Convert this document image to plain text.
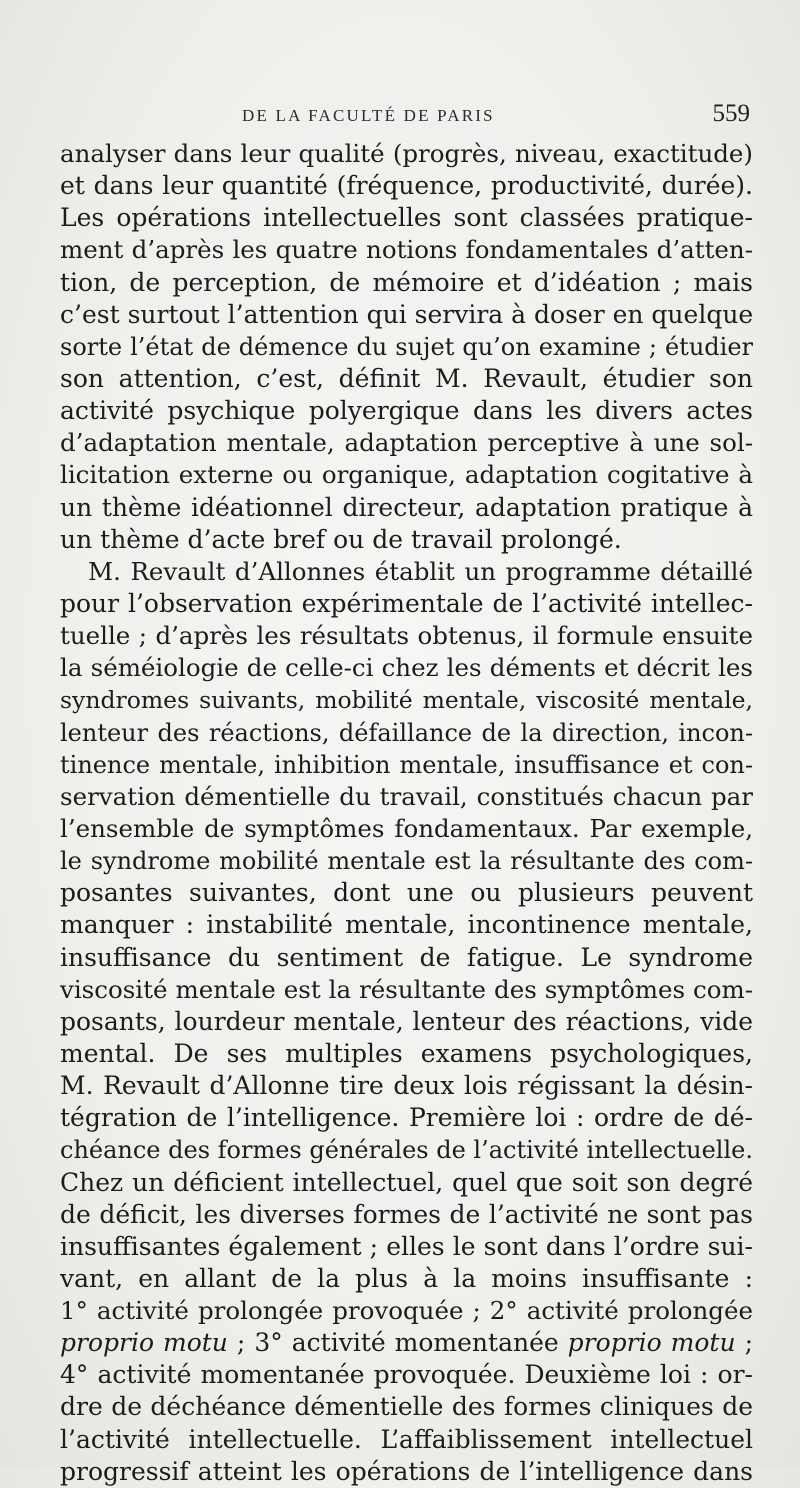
DE LA FACULTÉ DE PARIS	559
analyser dans leur qualité (progrès, niveau, exactitude)
et dans leur quantité (fréquence, productivité, durée).
Les opérations intellectuelles sont classées pratique-
ment d’après les quatre notions fondamentales d’atten-
tion, de perception, de mémoire et d’idéation ; mais
c’est surtout l’attention qui servira à doser en quelque
sorte l’état de démence du sujet qu’on examine ; étudier
son attention, c’est, définit M. Revault, étudier son
activité psychique polyergique dans les divers actes
d’adaptation mentale, adaptation perceptive à une sol-
licitation externe ou organique, adaptation cogitative à
un thème idéationnel directeur, adaptation pratique à
un thème d’acte bref ou de travail prolongé.
M. Revault d’Allonnes établit un programme détaillé
pour l’observation expérimentale de l’activité intellec-
tuelle ; d’après les résultats obtenus, il formule ensuite
la séméiologie de celle-ci chez les déments et décrit les
syndromes suivants, mobilité mentale, viscosité mentale,
lenteur des réactions, défaillance de la direction, incon-
tinence mentale, inhibition mentale, insuffisance et con-
servation démentielle du travail, constitués chacun par
l’ensemble de symptômes fondamentaux. Par exemple,
le syndrome mobilité mentale est la résultante des com-
posantes suivantes, dont une ou plusieurs peuvent
manquer : instabilité mentale, incontinence mentale,
insuffisance du sentiment de fatigue. Le syndrome
viscosité mentale est la résultante des symptômes com-
posants, lourdeur mentale, lenteur des réactions, vide
mental. De ses multiples examens psychologiques,
M. Revault d’Allonne tire deux lois régissant la désin-
tégration de l’intelligence. Première loi : ordre de dé-
chéance des formes générales de l’activité intellectuelle.
Chez un déficient intellectuel, quel que soit son degré
de déficit, les diverses formes de l’activité ne sont pas
insuffisantes également ; elles le sont dans l’ordre sui-
vant, en allant de la plus à la moins insuffisante :
1° activité prolongée provoquée ; 2° activité prolongée
proprio motu ; 3° activité momentanée proprio motu ;
4° activité momentanée provoquée. Deuxième loi : or-
dre de déchéance démentielle des formes cliniques de
l’activité intellectuelle. L’affaiblissement intellectuel
progressif atteint les opérations de l’intelligence dans
